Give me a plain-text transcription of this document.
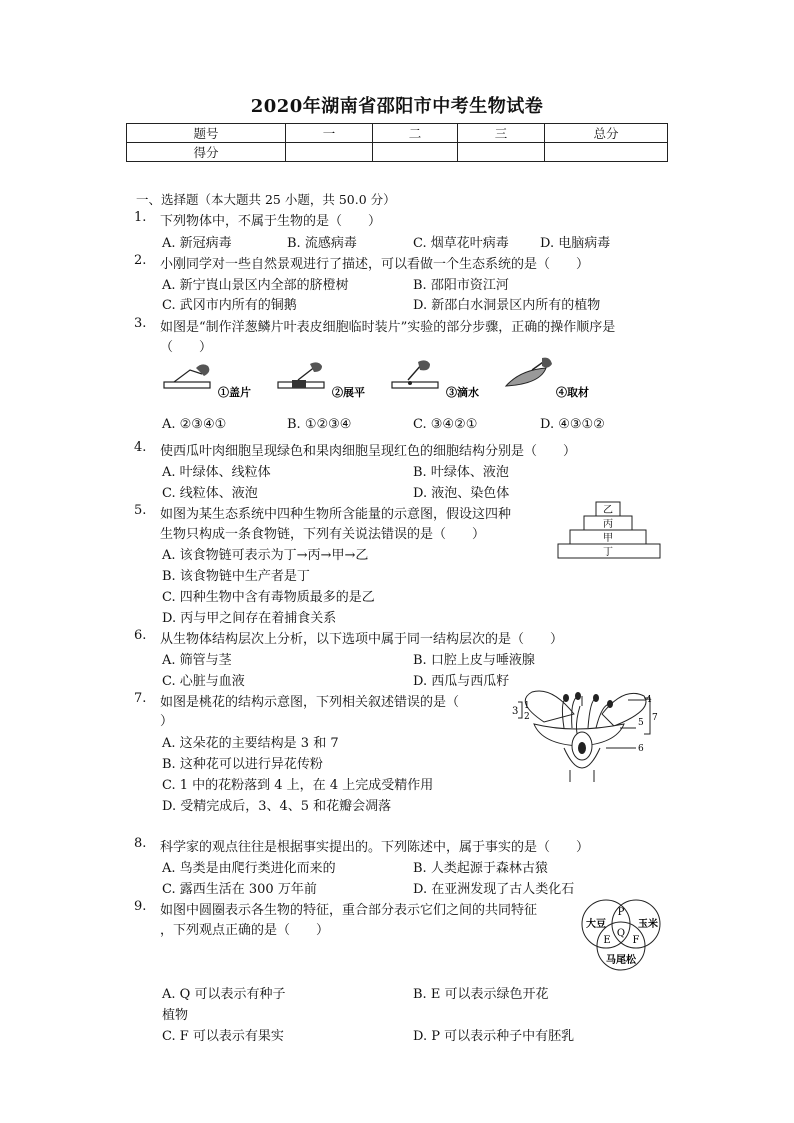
2020年湖南省邵阳市中考生物试卷
题号	一	二	三	总分
得分				
一、选择题（本大题共 25 小题，共 50.0 分）
1. 下列物体中，不属于生物的是（　　）
A. 新冠病毒	B. 流感病毒	C. 烟草花叶病毒 D. 电脑病毒
2. 小刚同学对一些自然景观进行了描述，可以看做一个生态系统的是（　　）
A. 新宁崀山景区内全部的脐橙树	B. 邵阳市资江河
C. 武冈市内所有的铜鹅	D. 新邵白水洞景区内所有的植物
3. 如图是“制作洋葱鳞片叶表皮细胞临时装片”实验的部分步骤，正确的操作顺序是
（　　）
①盖片	②展平	③滴水	④取材
A. ②③④①	B. ①②③④	C. ③④②①	D. ④③①②
4. 使西瓜叶肉细胞呈现绿色和果肉细胞呈现红色的细胞结构分别是（　　）
A. 叶绿体、线粒体	B. 叶绿体、液泡
C. 线粒体、液泡	D. 液泡、染色体
5. 如图为某生态系统中四种生物所含能量的示意图，假设这四种
生物只构成一条食物链，下列有关说法错误的是（　　）
A. 该食物链可表示为丁→丙→甲→乙
B. 该食物链中生产者是丁
C. 四种生物中含有毒物质最多的是乙
D. 丙与甲之间存在着捕食关系
乙
丙
甲
丁
6. 从生物体结构层次上分析，以下选项中属于同一结构层次的是（　　）
A. 筛管与茎	B. 口腔上皮与唾液腺
C. 心脏与血液	D. 西瓜与西瓜籽
7. 如图是桃花的结构示意图，下列相关叙述错误的是（
）
A. 这朵花的主要结构是 3 和 7
B. 这种花可以进行异花传粉
C. 1 中的花粉落到 4 上，在 4 上完成受精作用
D. 受精完成后，3、4、5 和花瓣会凋落
3 1
2
4
5 7
6
8. 科学家的观点往往是根据事实提出的。下列陈述中，属于事实的是（　　）
A. 鸟类是由爬行类进化而来的	B. 人类起源于森林古猿
C. 露西生活在 300 万年前	D. 在亚洲发现了古人类化石
9. 如图中圆圈表示各生物的特征，重合部分表示它们之间的共同特征
，下列观点正确的是（　　）	大豆	玉米
马尾松
P
E
Q
F
A. Q 可以表示有种子	B. E 可以表示绿色开花
植物
C. F 可以表示有果实	D. P 可以表示种子中有胚乳
